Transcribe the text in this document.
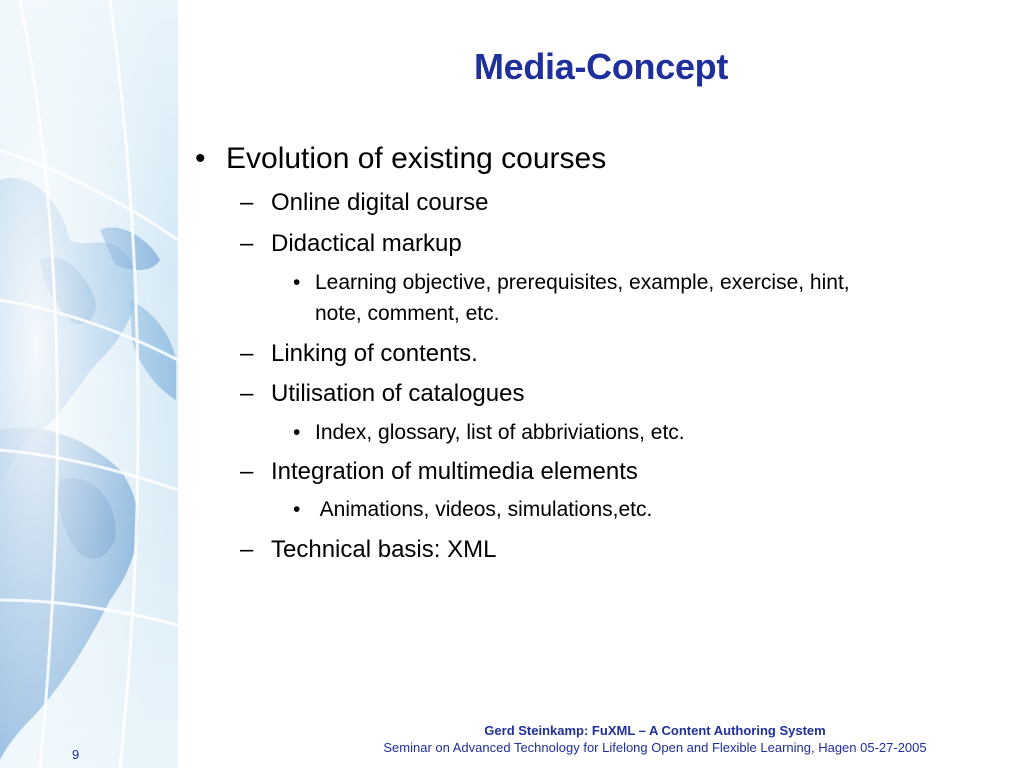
Media-Concept
• Evolution of existing courses
– Online digital course
– Didactical markup
• Learning objective, prerequisites, example, exercise, hint,
note, comment, etc.
– Linking of contents.
– Utilisation of catalogues
• Index, glossary, list of abbriviations, etc.
– Integration of multimedia elements
• Animations, videos, simulations,etc.
– Technical basis: XML
Gerd Steinkamp: FuXML – A Content Authoring System
Seminar on Advanced Technology for Lifelong Open and Flexible Learning, Hagen 05-27-2005
9
